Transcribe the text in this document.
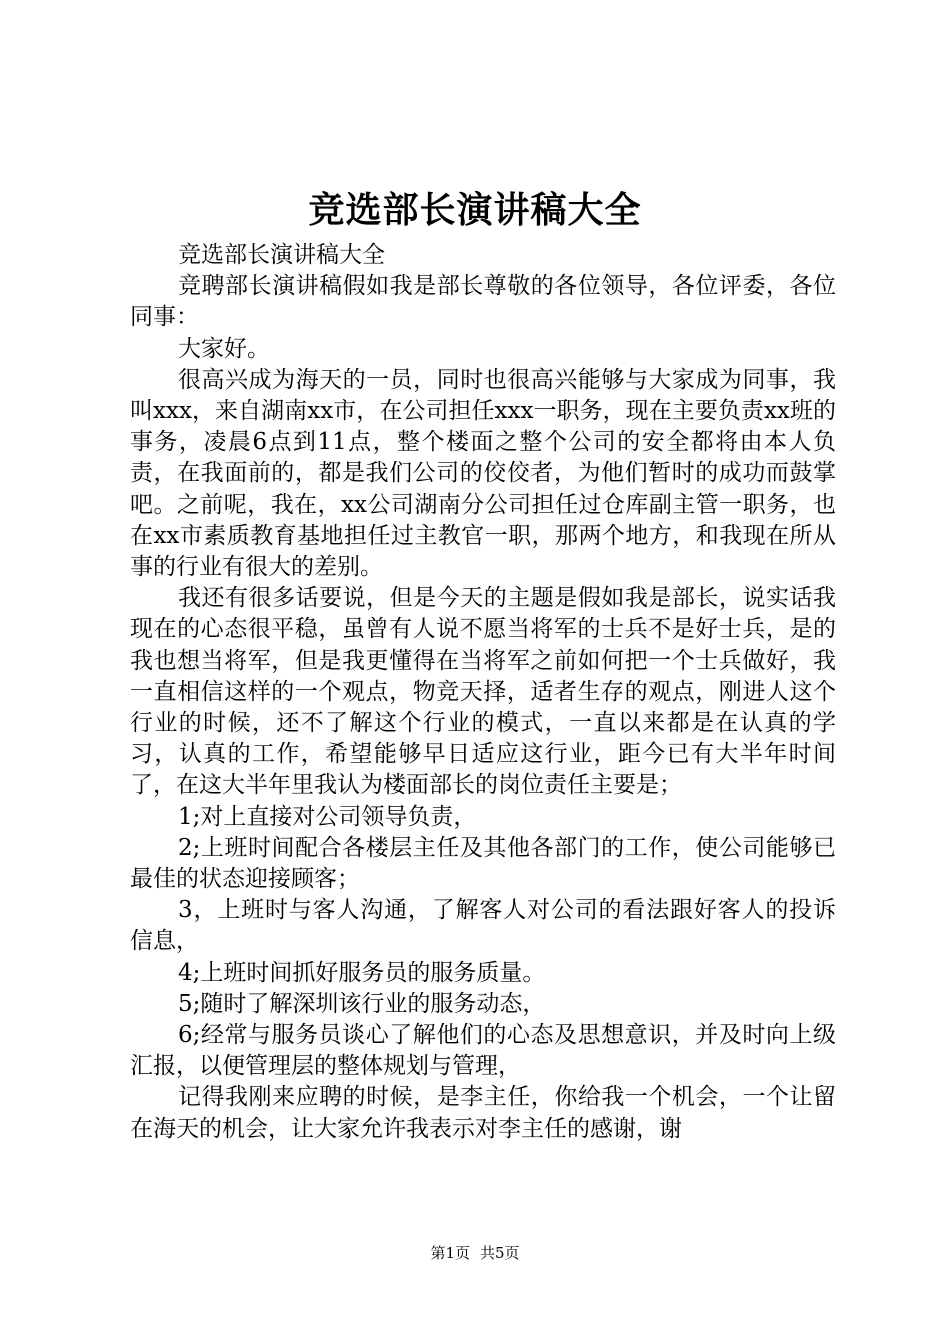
竞选部长演讲稿大全

竞选部长演讲稿大全

竞聘部长演讲稿假如我是部长尊敬的各位领导，各位评委，各位同事：

大家好。

很高兴成为海天的一员，同时也很高兴能够与大家成为同事，我叫xxx，来自湖南xx市，在公司担任xxx一职务，现在主要负责xx班的事务，凌晨6点到11点，整个楼面之整个公司的安全都将由本人负责，在我面前的，都是我们公司的佼佼者，为他们暂时的成功而鼓掌吧。之前呢，我在，xx公司湖南分公司担任过仓库副主管一职务，也在xx市素质教育基地担任过主教官一职，那两个地方，和我现在所从事的行业有很大的差别。

我还有很多话要说，但是今天的主题是假如我是部长，说实话我现在的心态很平稳，虽曾有人说不愿当将军的士兵不是好士兵，是的我也想当将军，但是我更懂得在当将军之前如何把一个士兵做好，我一直相信这样的一个观点，物竞天择，适者生存的观点，刚进人这个行业的时候，还不了解这个行业的模式，一直以来都是在认真的学习，认真的工作，希望能够早日适应这行业，距今已有大半年时间了，在这大半年里我认为楼面部长的岗位责任主要是；

1;对上直接对公司领导负责，

2;上班时间配合各楼层主任及其他各部门的工作，使公司能够已最佳的状态迎接顾客；

3，上班时与客人沟通，了解客人对公司的看法跟好客人的投诉信息，

4;上班时间抓好服务员的服务质量。

5;随时了解深圳该行业的服务动态，

6;经常与服务员谈心了解他们的心态及思想意识，并及时向上级汇报，以便管理层的整体规划与管理，

记得我刚来应聘的时候，是李主任，你给我一个机会，一个让留在海天的机会，让大家允许我表示对李主任的感谢，谢

第1页 共5页
